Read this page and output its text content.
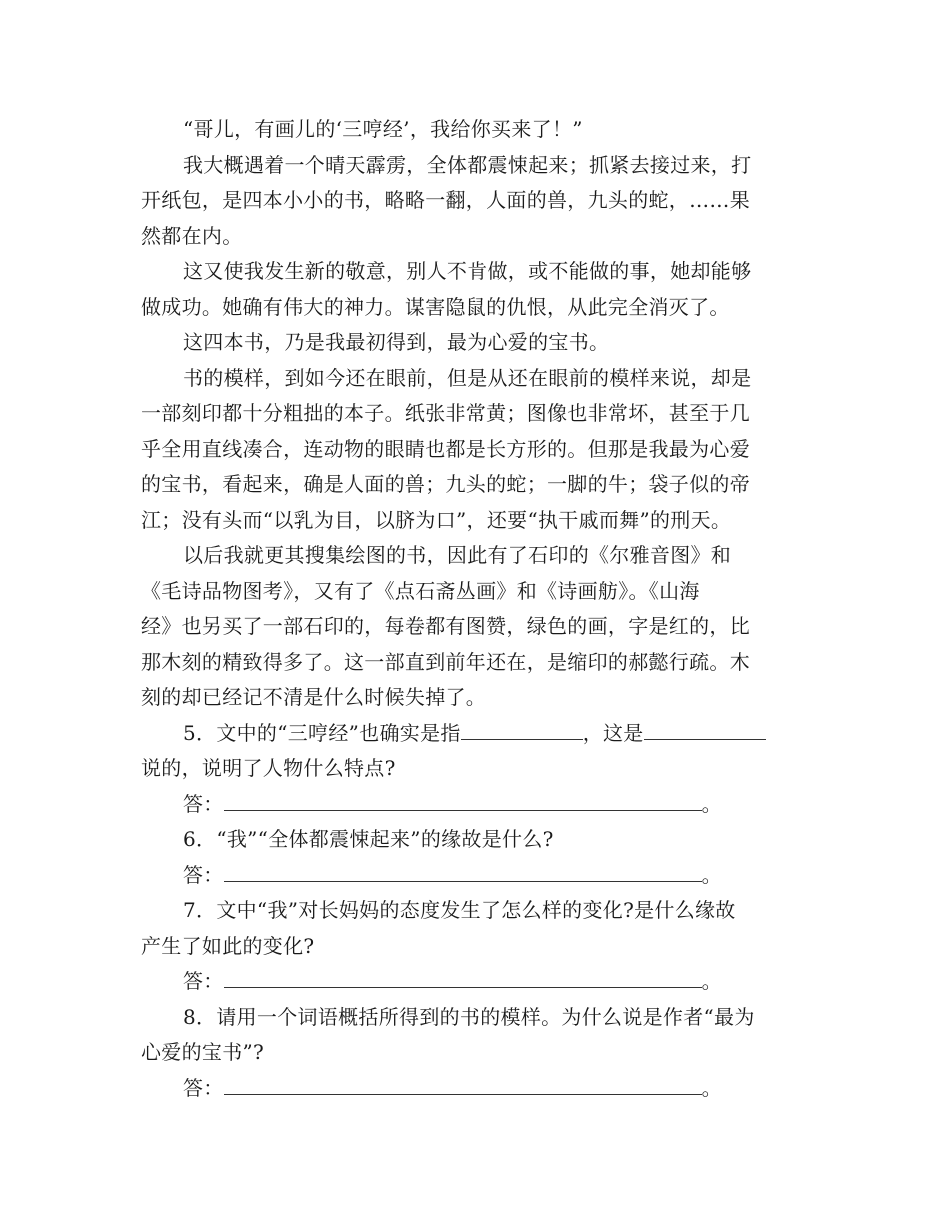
“哥儿，有画儿的‘三哼经’，我给你买来了！”
我大概遇着一个晴天霹雳，全体都震悚起来；抓紧去接过来，打
开纸包，是四本小小的书，略略一翻，人面的兽，九头的蛇，……果
然都在内。
这又使我发生新的敬意，别人不肯做，或不能做的事，她却能够
做成功。她确有伟大的神力。谋害隐鼠的仇恨，从此完全消灭了。
这四本书，乃是我最初得到，最为心爱的宝书。
书的模样，到如今还在眼前，但是从还在眼前的模样来说，却是
一部刻印都十分粗拙的本子。纸张非常黄；图像也非常坏，甚至于几
乎全用直线凑合，连动物的眼睛也都是长方形的。但那是我最为心爱
的宝书，看起来，确是人面的兽；九头的蛇；一脚的牛；袋子似的帝
江；没有头而“以乳为目，以脐为口”，还要“执干戚而舞”的刑天。
以后我就更其搜集绘图的书，因此有了石印的《尔雅音图》和
《毛诗品物图考》，又有了《点石斋丛画》和《诗画舫》。《山海
经》也另买了一部石印的，每卷都有图赞，绿色的画，字是红的，比
那木刻的精致得多了。这一部直到前年还在，是缩印的郝懿行疏。木
刻的却已经记不清是什么时候失掉了。
5．文中的“三哼经”也确实是指	，这是
说的，说明了人物什么特点?
答：	。
6．“我”“全体都震悚起来”的缘故是什么?
答：	。
7．文中“我”对长妈妈的态度发生了怎么样的变化?是什么缘故
产生了如此的变化?
答：	。
8．请用一个词语概括所得到的书的模样。为什么说是作者“最为
心爱的宝书”?
答：	。
